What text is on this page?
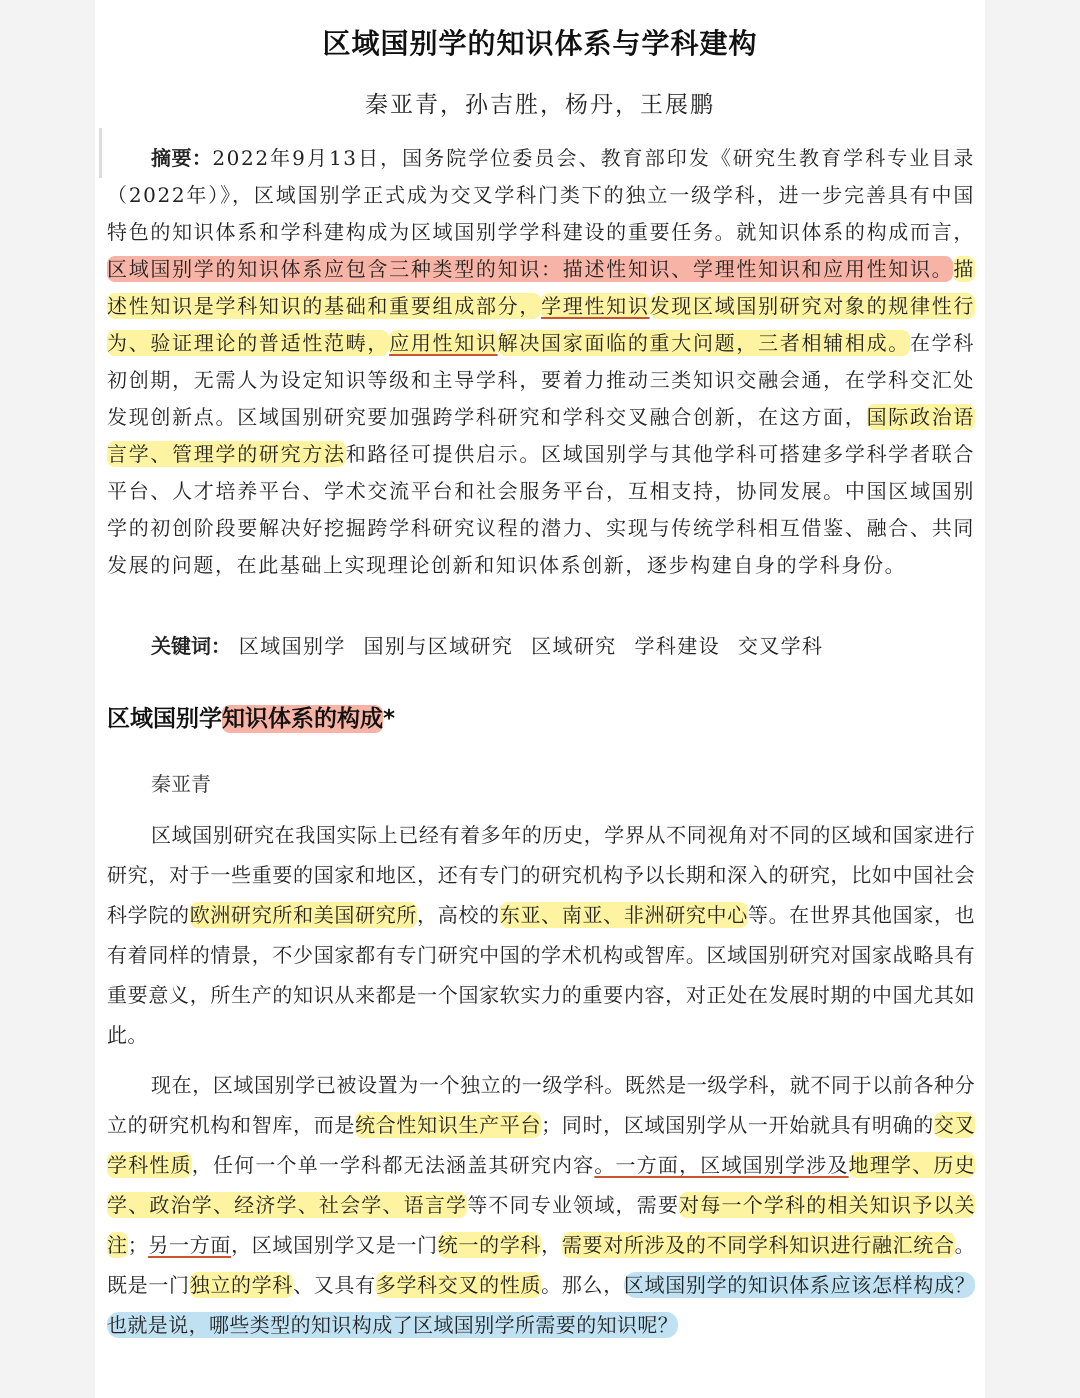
区域国别学的知识体系与学科建构
秦亚青，孙吉胜，杨丹，王展鹏

摘要：2022年9月13日，国务院学位委员会、教育部印发《研究生教育学科专业目录（2022年）》，区域国别学正式成为交叉学科门类下的独立一级学科，进一步完善具有中国特色的知识体系和学科建构成为区域国别学学科建设的重要任务。就知识体系的构成而言，区域国别学的知识体系应包含三种类型的知识：描述性知识、学理性知识和应用性知识。描述性知识是学科知识的基础和重要组成部分，学理性知识发现区域国别研究对象的规律性行为、验证理论的普适性范畴，应用性知识解决国家面临的重大问题，三者相辅相成。在学科初创期，无需人为设定知识等级和主导学科，要着力推动三类知识交融会通，在学科交汇处发现创新点。区域国别研究要加强跨学科研究和学科交叉融合创新，在这方面，国际政治语言学、管理学的研究方法和路径可提供启示。区域国别学与其他学科可搭建多学科学者联合平台、人才培养平台、学术交流平台和社会服务平台，互相支持，协同发展。中国区域国别学的初创阶段要解决好挖掘跨学科研究议程的潜力、实现与传统学科相互借鉴、融合、共同发展的问题，在此基础上实现理论创新和知识体系创新，逐步构建自身的学科身份。

关键词： 区域国别学 国别与区域研究 区域研究 学科建设 交叉学科
区域国别学知识体系的构成*
秦亚青

区域国别研究在我国实际上已经有着多年的历史，学界从不同视角对不同的区域和国家进行研究，对于一些重要的国家和地区，还有专门的研究机构予以长期和深入的研究，比如中国社会科学院的欧洲研究所和美国研究所，高校的东亚、南亚、非洲研究中心等。在世界其他国家，也有着同样的情景，不少国家都有专门研究中国的学术机构或智库。区域国别研究对国家战略具有重要意义，所生产的知识从来都是一个国家软实力的重要内容，对正处在发展时期的中国尤其如此。

现在，区域国别学已被设置为一个独立的一级学科。既然是一级学科，就不同于以前各种分立的研究机构和智库，而是统合性知识生产平台；同时，区域国别学从一开始就具有明确的交叉学科性质，任何一个单一学科都无法涵盖其研究内容。一方面，区域国别学涉及地理学、历史学、政治学、经济学、社会学、语言学等不同专业领域，需要对每一个学科的相关知识予以关注；另一方面，区域国别学又是一门统一的学科，需要对所涉及的不同学科知识进行融汇统合。既是一门独立的学科、又具有多学科交叉的性质。那么，区域国别学的知识体系应该怎样构成？也就是说，哪些类型的知识构成了区域国别学所需要的知识呢？
